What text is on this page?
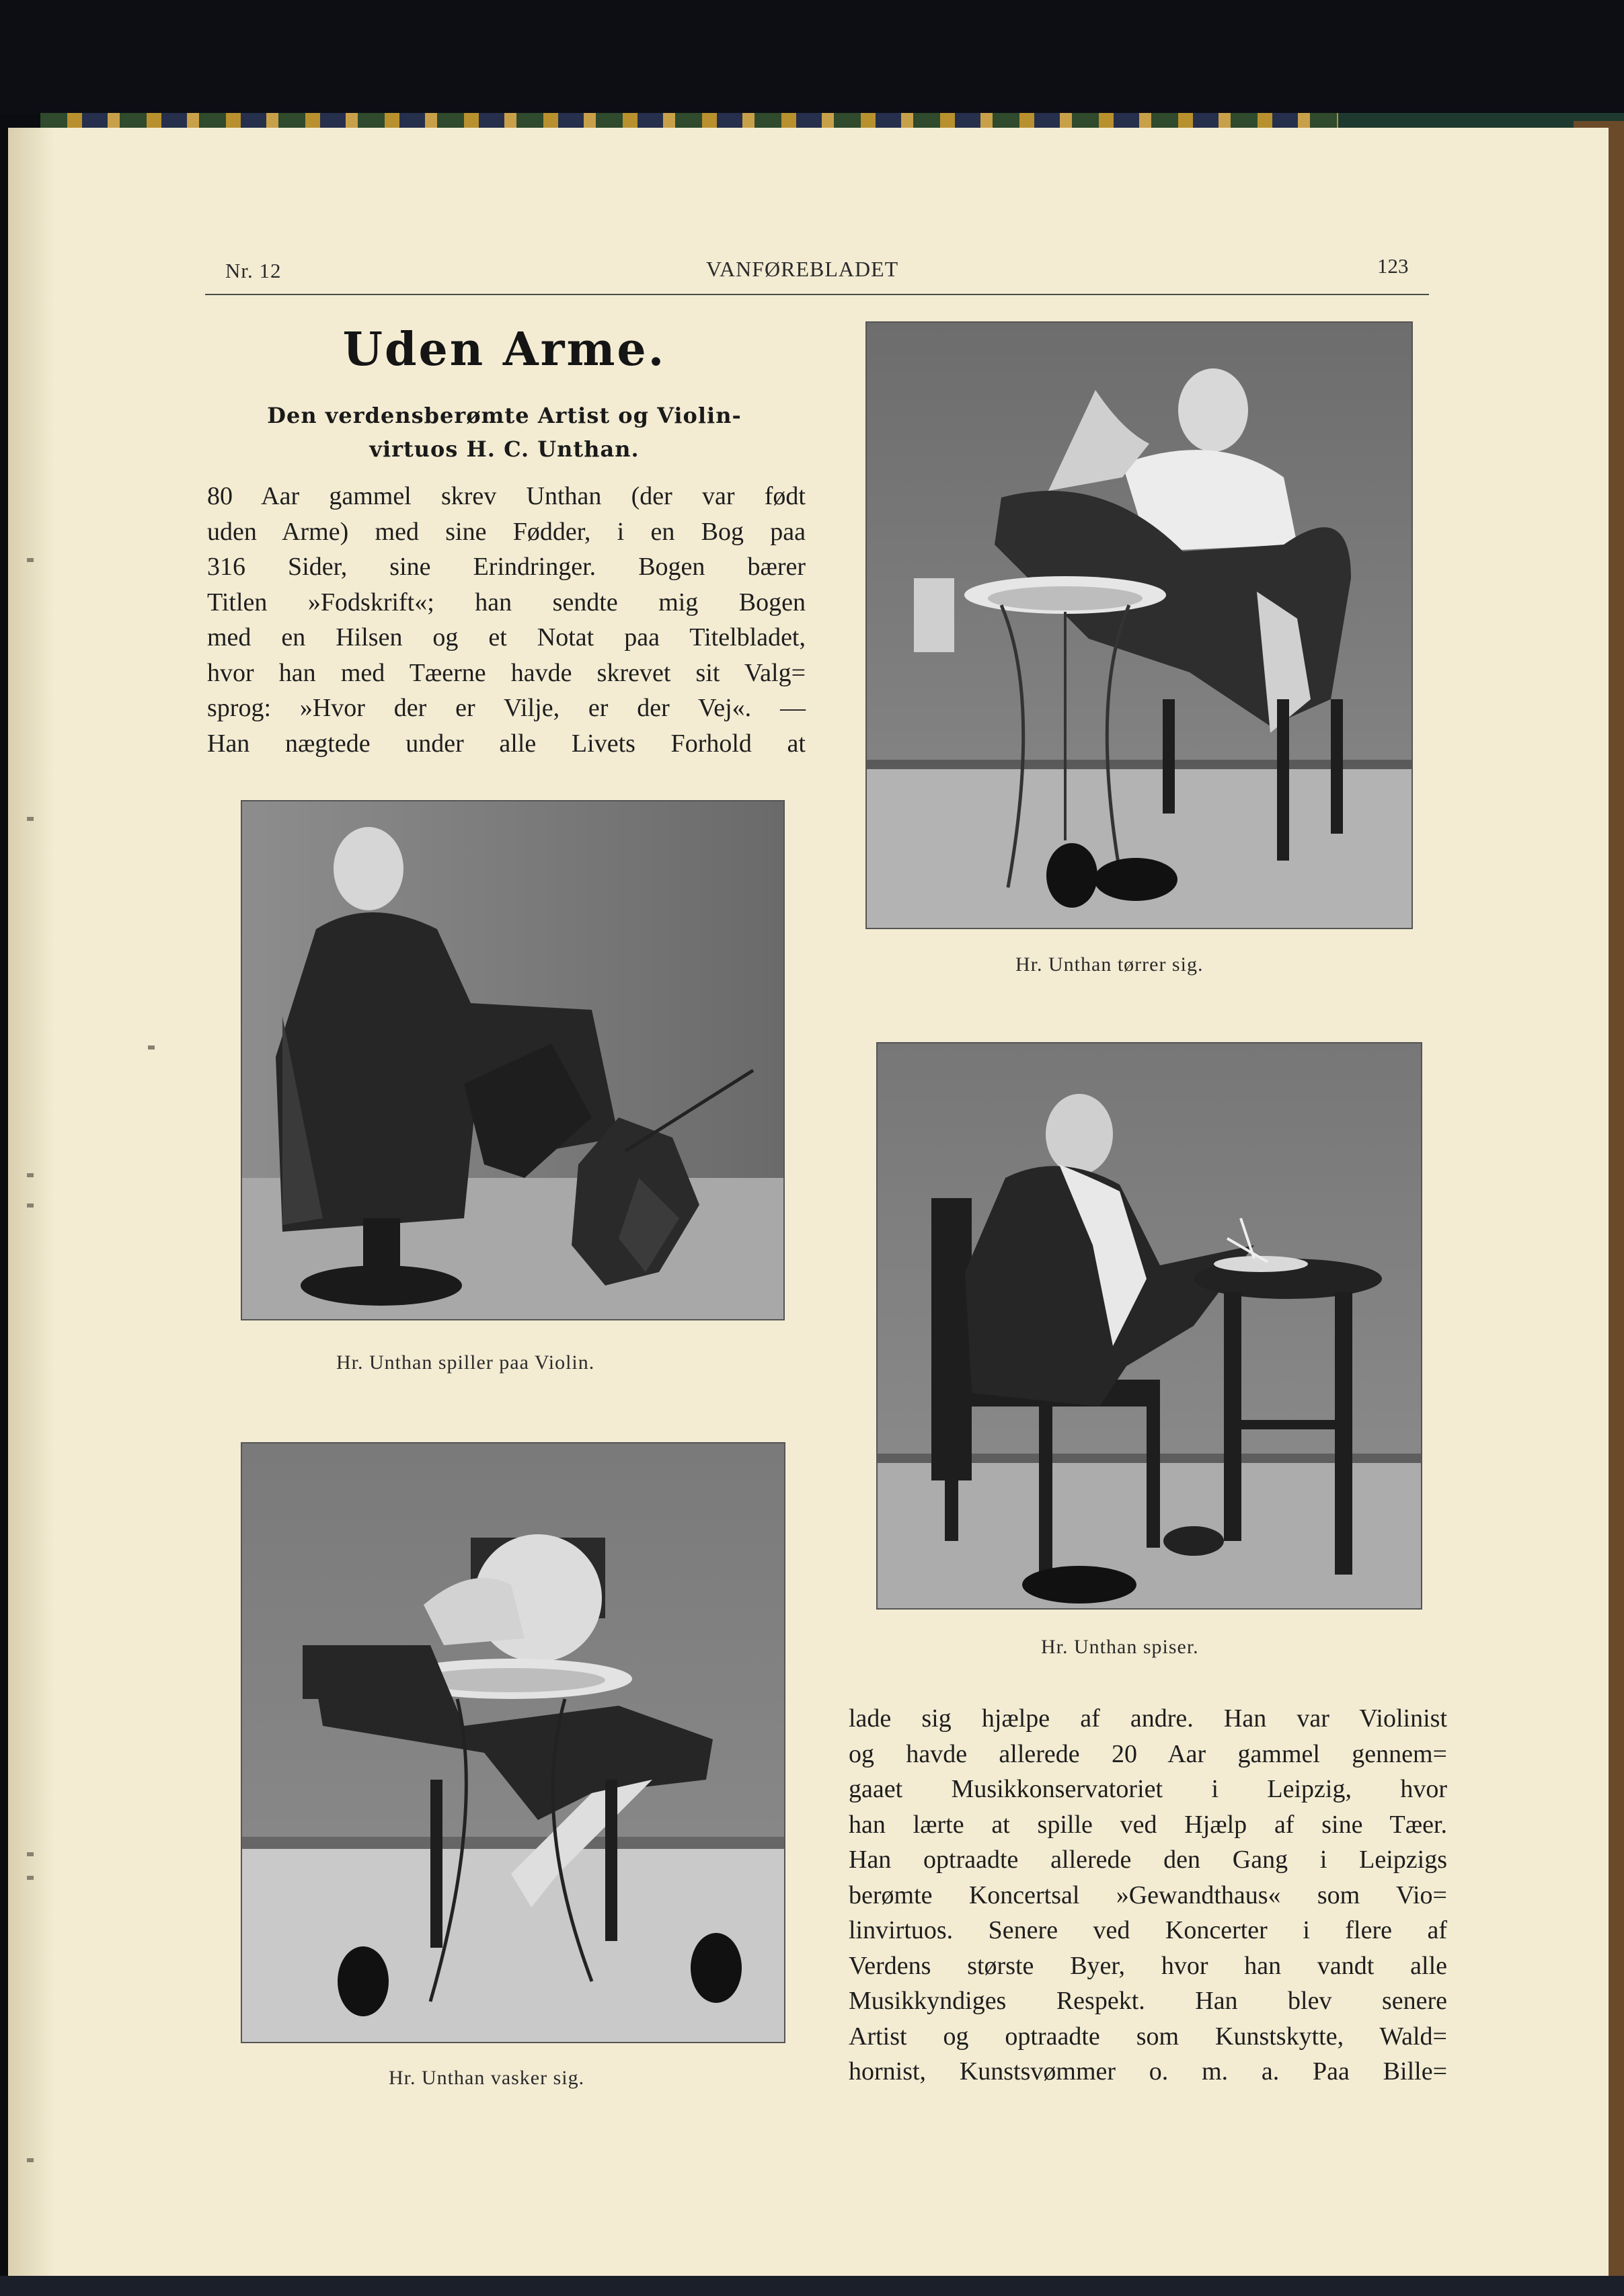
Nr. 12	VANFØREBLADET	123
Uden Arme.
Den verdensberømte Artist og Violin-
virtuos H. C. Unthan.
80 Aar gammel skrev Unthan (der var født
uden Arme) med sine Fødder, i en Bog paa
316 Sider, sine Erindringer. Bogen bærer
Titlen »Fodskrift«; han sendte mig Bogen
med en Hilsen og et Notat paa Titelbladet,
hvor han med Tæerne havde skrevet sit Valg=
sprog: »Hvor der er Vilje, er der Vej«. —
Han nægtede under alle Livets Forhold at
lade sig hjælpe af andre. Han var Violinist
og havde allerede 20 Aar gammel gennem=
gaaet Musikkonservatoriet i Leipzig, hvor
han lærte at spille ved Hjælp af sine Tæer.
Han optraadte allerede den Gang i Leipzigs
berømte Koncertsal »Gewandthaus« som Vio=
linvirtuos. Senere ved Koncerter i flere af
Verdens største Byer, hvor han vandt alle
Musikkyndiges Respekt. Han blev senere
Artist og optraadte som Kunstskytte, Wald=
hornist, Kunstsvømmer o. m. a. Paa Bille=
Hr. Unthan tørrer sig.
Hr. Unthan spiller paa Violin.
Hr. Unthan spiser.
Hr. Unthan vasker sig.
